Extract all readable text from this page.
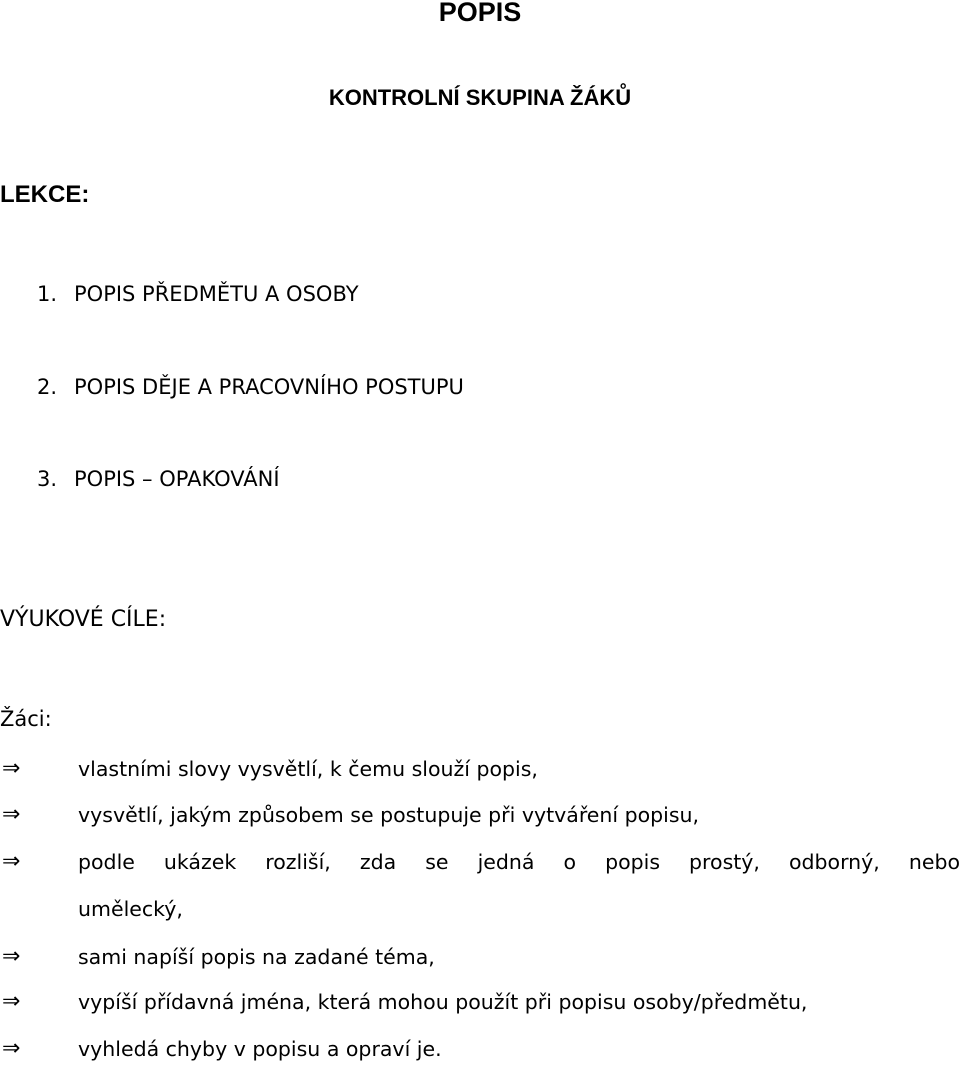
POPIS
KONTROLNÍ SKUPINA ŽÁKŮ
LEKCE:
1. POPIS PŘEDMĚTU A OSOBY
2. POPIS DĚJE A PRACOVNÍHO POSTUPU
3. POPIS – OPAKOVÁNÍ
VÝUKOVÉ CÍLE:
Žáci:
⇒	vlastními slovy vysvětlí, k čemu slouží popis,
⇒	vysvětlí, jakým způsobem se postupuje při vytváření popisu,
⇒	podle ukázek rozliší, zda se jedná o popis prostý, odborný, nebo
umělecký,
⇒	sami napíší popis na zadané téma,
⇒	vypíší přídavná jména, která mohou použít při popisu osoby/předmětu,
⇒	vyhledá chyby v popisu a opraví je.
